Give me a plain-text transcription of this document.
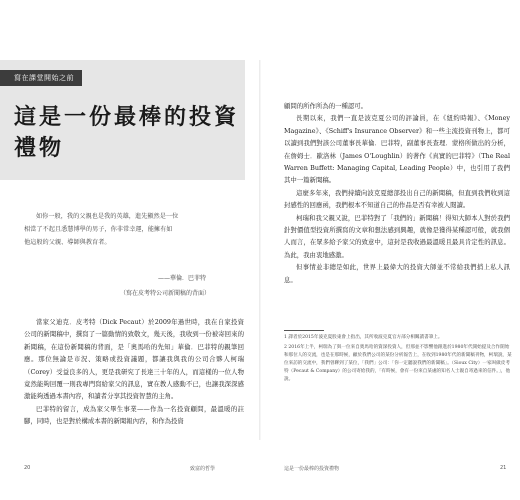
寫在課堂開始之前
這是一份最棒的投資禮物

如你一般，我的父親也是我的英雄，進先顯然是一位

相當了不起且悉慧博學的男子，你非常幸運，能擁有如
他這般的父親、導師與教育者。
——華倫．巴菲特
（寫在皮考特公司新聞稿的背面）

當家父迪克．皮考特（Dick Pecaut）於2009年過世時，我在自家投資公司的新聞稿中，撰寫了一篇動情的致敬文，幾天後，我收到一份被寄回來的新聞稿，在這份新聞稿的背面，是「奧馬哈的先知」華倫．巴菲特的親筆回應。那位無論是市況、策略或投資議題，都讓我與我的公司合夥人柯瑞（Corey）受益良多的人，更是我研究了長達三十年的人，而這樣的一位人物竟然能夠回覆一則我專門寫給家父的訊息，實在教人感動不已，也讓我深深感激能夠透過本書內容，和讀者分享其投資智慧的主角。

巴菲特的留言，成為家父畢生事業——作為一名投資顧問，最溫暖的註腳，同時，也是對於構成本書的新聞報內容，和作為投資

20	致富的哲學
顧問的所作所為的一種認可。

長期以來，我們一直是波克夏公司的評論員，在《紐約時報》、《Money Magazine》、《Schiff's Insurance Observer》和一些主流投資刊物上，都可以讀到我們對該公司董事長華倫．巴菲特，副董事長查理．蒙格所做出的分析，在詹姆士．歐洛林（James O'Loughlin）的著作《真實的巴菲特》（The Real Warren Buffett: Managing Capital, Leading People）中，也引用了我們其中一篇新聞稿。

這麼多年來，我們持續向波克夏總部投出自己的新聞稿，但直到我們收到這封感性的回應函，我們根本不知道自己的作品是否有幸被人閱讀。

柯瑞和我父親又說，巴菲特對了「我們的」新聞稿！得知大師本人對於我們針對價值型投資所撰寫的文章和想法感到興趣，就像是獲得某種認可般，就我個人而言，在眾多給予家父的致意中，這封是我收過最溫暖且最具肯定性的訊息。為此，我由衷地感激。

但事情並非總是如此，世界上最偉大的投資大師並不常給我們捎上私人訊息。

1 譯者於2015年波克夏股東會上指出，其所收波克夏官方部分相關讀書筆上。
2 2016年上半，柯瑞為了與一位來自奧馬哈的資深投資人，但那並不影響他跟進於1980年代開始提及合作開始和那位人的交流，也是在那時候，顧於我們公司的某份分析報告上，在收到1980年代的新聞稿刊物，柯瑞說，某位來訪的交流中，我們曾聊到了某位，「我們」公司：「你一定聽說我們的新聞稿」。（Sioux City）一家叫做皮考特（Pecaut & Company）的公司寄給我的，「有時候，會有一份來自某處的知名人士親自寄過來的信件。」，他說。
這是一份最棒的投資禮物	21
